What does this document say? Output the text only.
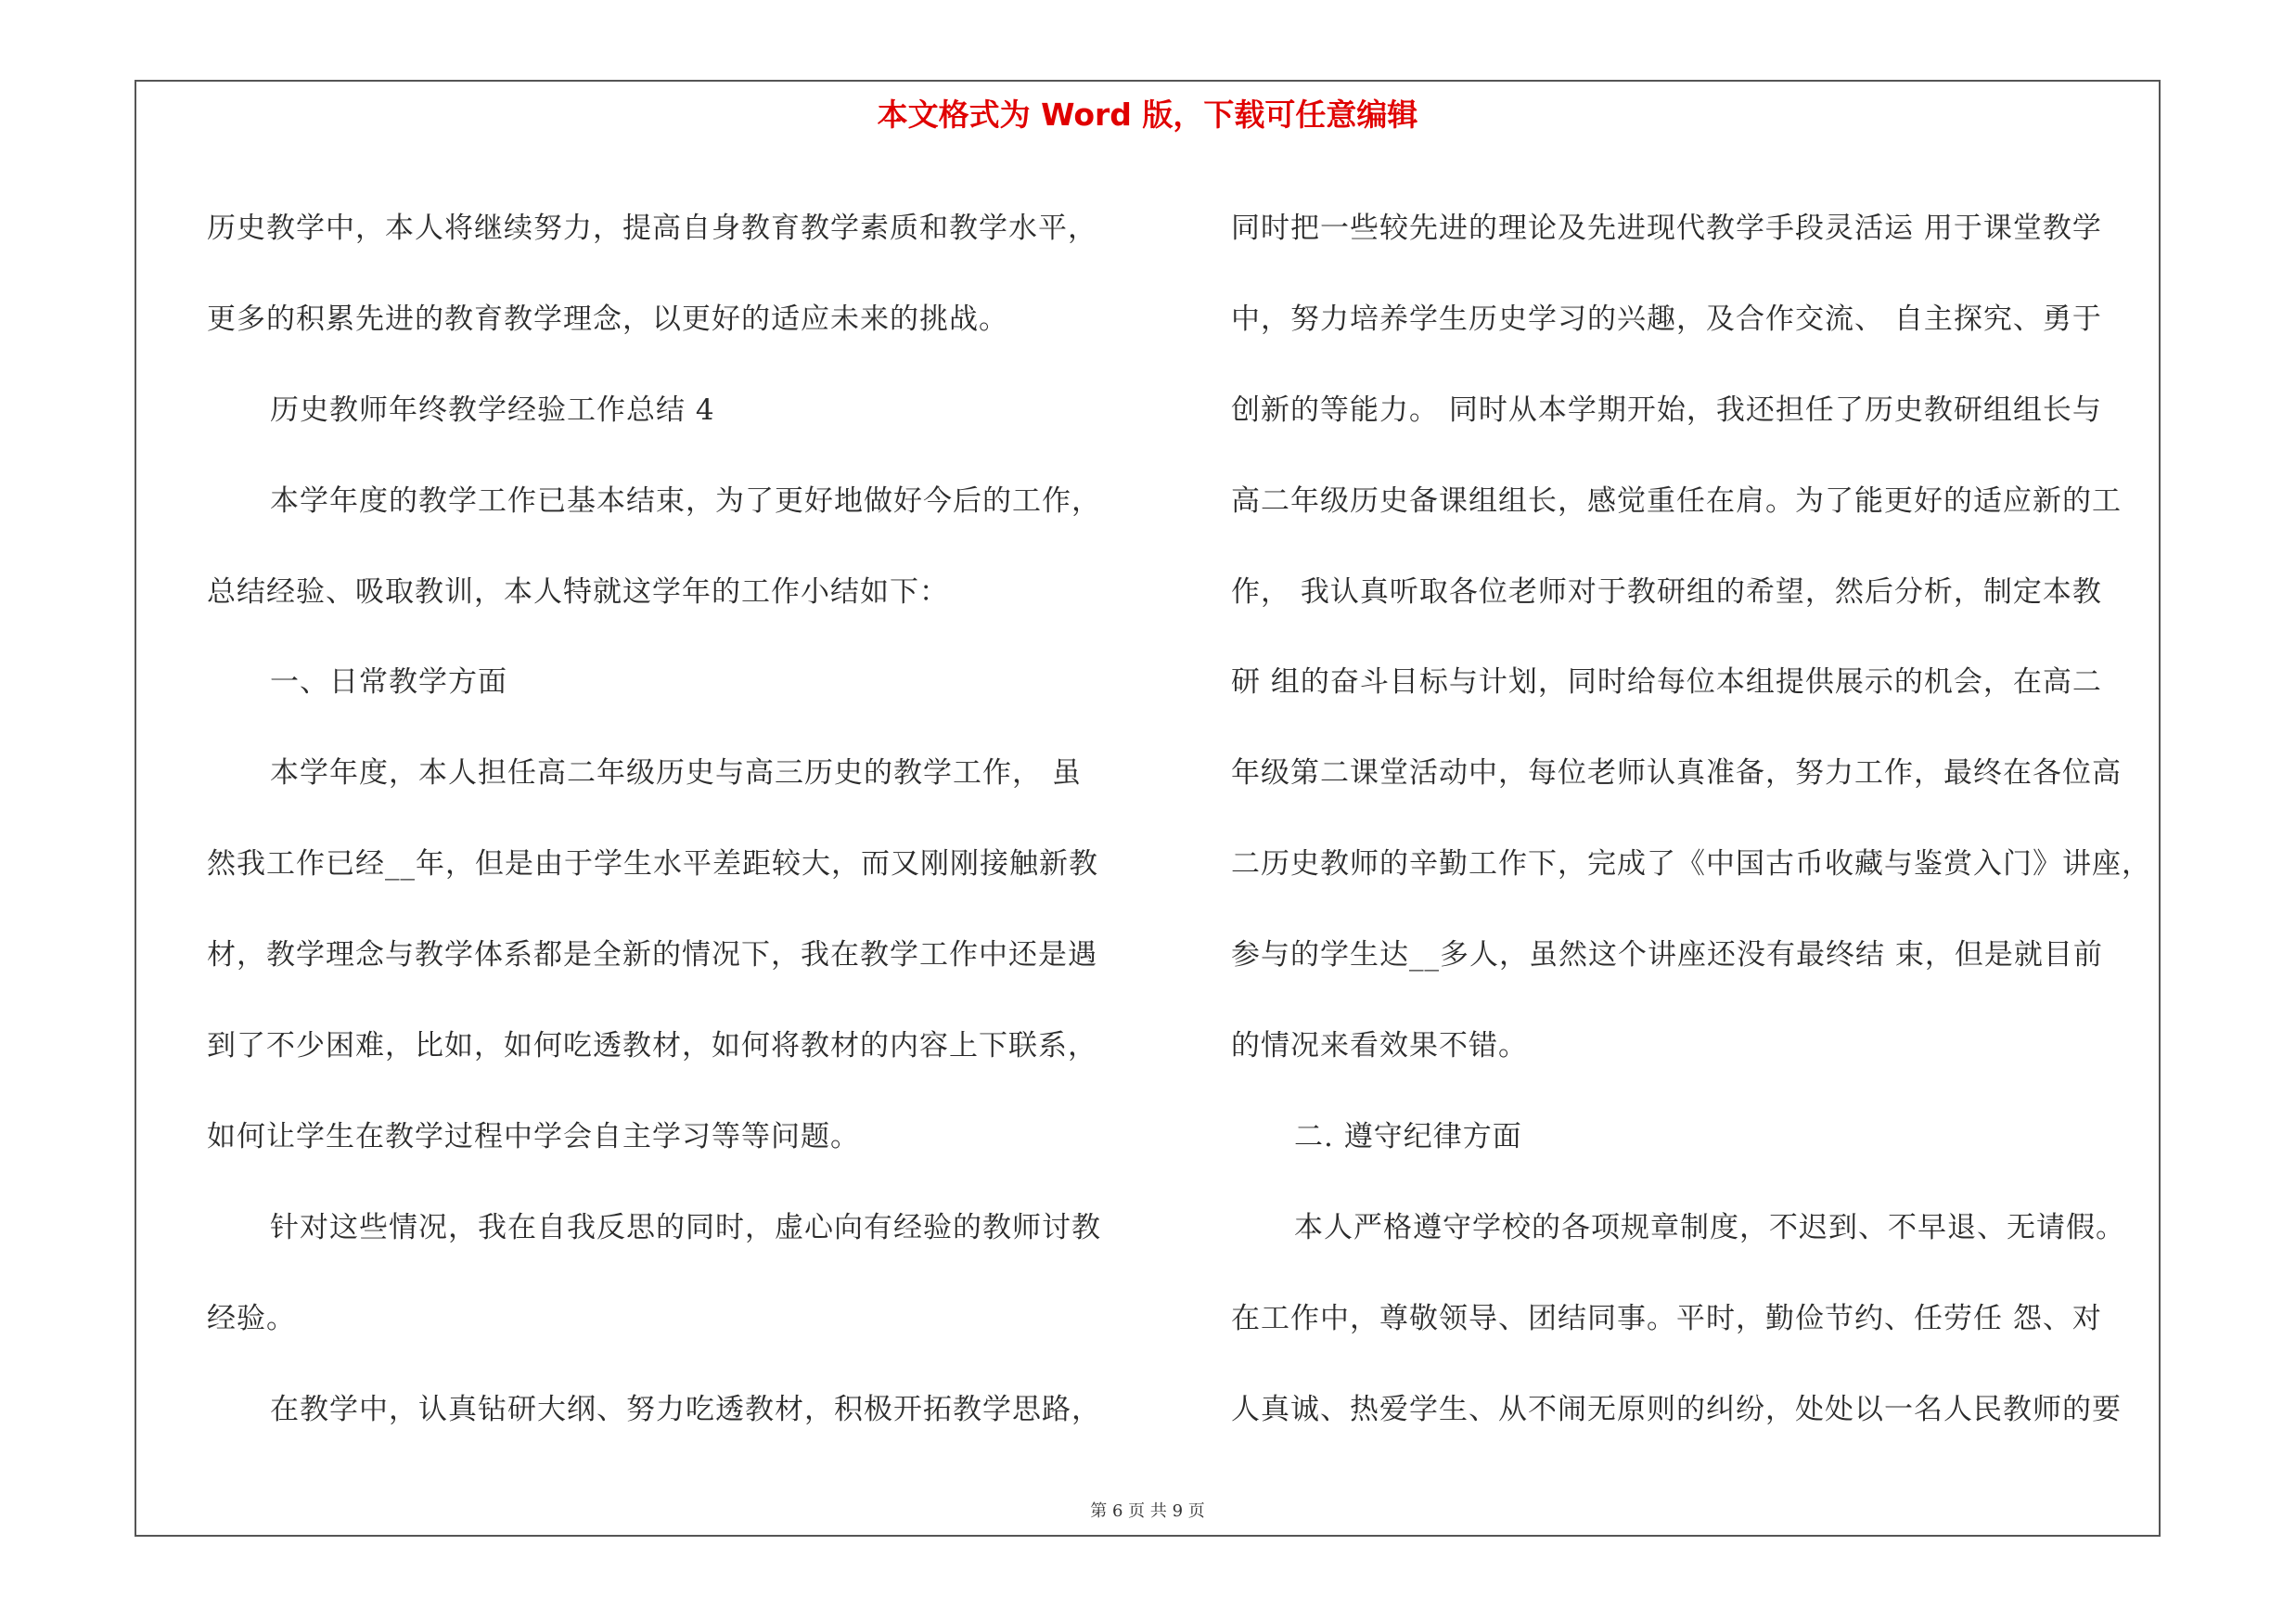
本文格式为 Word 版，下载可任意编辑
历史教学中，本人将继续努力，提高自身教育教学素质和教学水平，
更多的积累先进的教育教学理念，以更好的适应未来的挑战。
历史教师年终教学经验工作总结 4
本学年度的教学工作已基本结束，为了更好地做好今后的工作，
总结经验、吸取教训，本人特就这学年的工作小结如下：
一、日常教学方面
本学年度，本人担任高二年级历史与高三历史的教学工作， 虽
然我工作已经__年，但是由于学生水平差距较大，而又刚刚接触新教
材，教学理念与教学体系都是全新的情况下，我在教学工作中还是遇
到了不少困难，比如，如何吃透教材，如何将教材的内容上下联系，
如何让学生在教学过程中学会自主学习等等问题。
针对这些情况，我在自我反思的同时，虚心向有经验的教师讨教
经验。
在教学中，认真钻研大纲、努力吃透教材，积极开拓教学思路，
同时把一些较先进的理论及先进现代教学手段灵活运 用于课堂教学
中，努力培养学生历史学习的兴趣，及合作交流、 自主探究、勇于
创新的等能力。 同时从本学期开始，我还担任了历史教研组组长与
高二年级历史备课组组长，感觉重任在肩。为了能更好的适应新的工
作， 我认真听取各位老师对于教研组的希望，然后分析，制定本教
研 组的奋斗目标与计划，同时给每位本组提供展示的机会，在高二
年级第二课堂活动中，每位老师认真准备，努力工作，最终在各位高
二历史教师的辛勤工作下，完成了《中国古币收藏与鉴赏入门》讲座，
参与的学生达__多人，虽然这个讲座还没有最终结 束，但是就目前
的情况来看效果不错。
二. 遵守纪律方面
本人严格遵守学校的各项规章制度，不迟到、不早退、无请假。
在工作中，尊敬领导、团结同事。平时，勤俭节约、任劳任 怨、对
人真诚、热爱学生、从不闹无原则的纠纷，处处以一名人民教师的要
第 6 页 共 9 页
